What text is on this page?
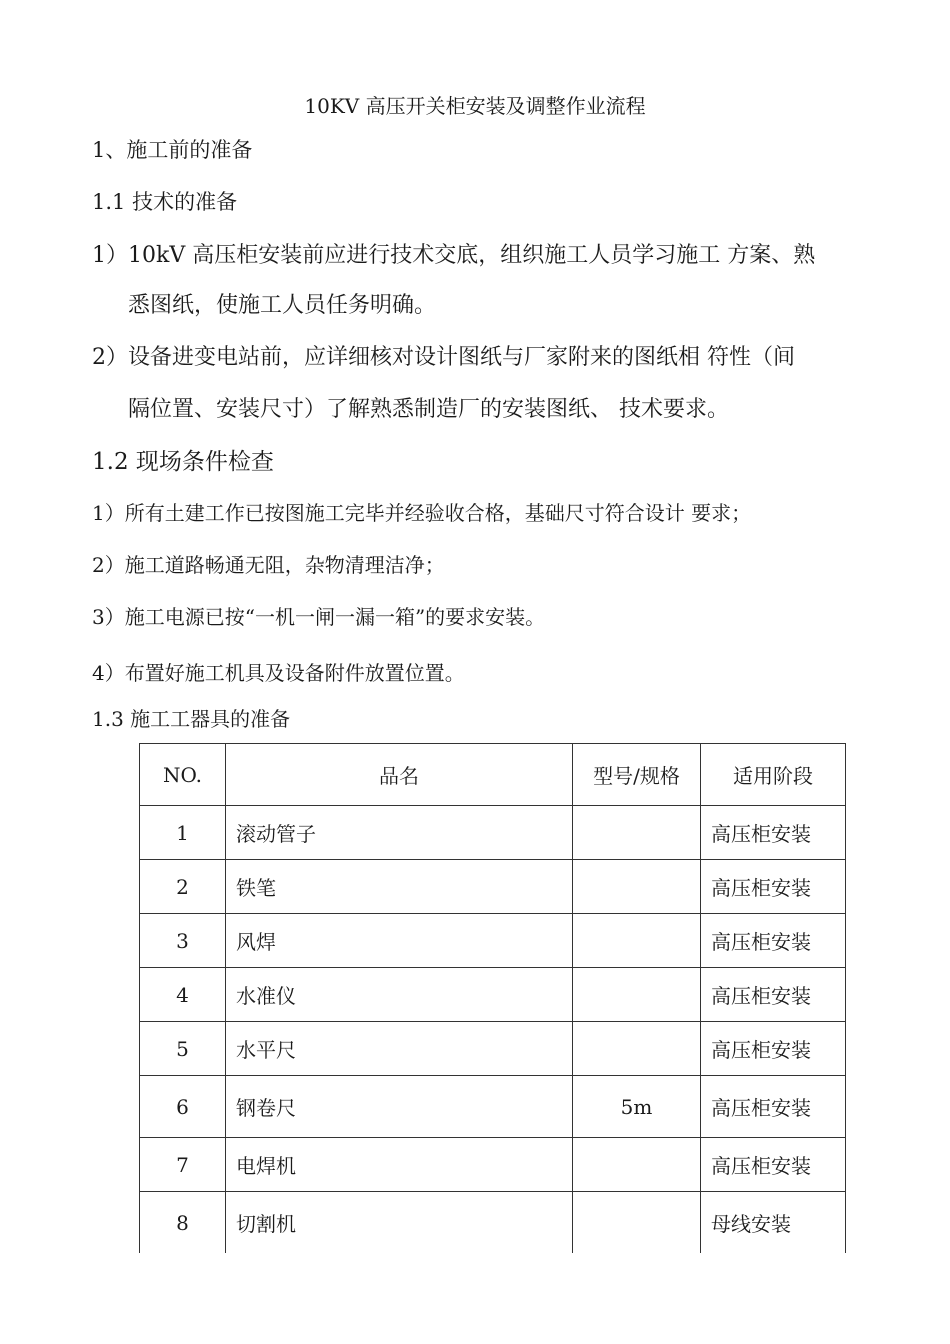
10KV 高压开关柜安装及调整作业流程
1、施工前的准备
1.1 技术的准备
1）10kV 高压柜安装前应进行技术交底，组织施工人员学习施工 方案、熟
悉图纸，使施工人员任务明确。
2）设备进变电站前，应详细核对设计图纸与厂家附来的图纸相 符性（间
隔位置、安装尺寸）了解熟悉制造厂的安装图纸、 技术要求。
1.2 现场条件检查
1）所有土建工作已按图施工完毕并经验收合格，基础尺寸符合设计 要求；
2）施工道路畅通无阻，杂物清理洁净；
3）施工电源已按“一机一闸一漏一箱”的要求安装。
4）布置好施工机具及设备附件放置位置。
1.3 施工工器具的准备
NO.	品名	型号/规格	适用阶段
1	滚动管子		高压柜安装
2	铁笔		高压柜安装
3	风焊		高压柜安装
4	水准仪		高压柜安装
5	水平尺		高压柜安装
6	钢卷尺	5m	高压柜安装
7	电焊机		高压柜安装
8	切割机		母线安装
